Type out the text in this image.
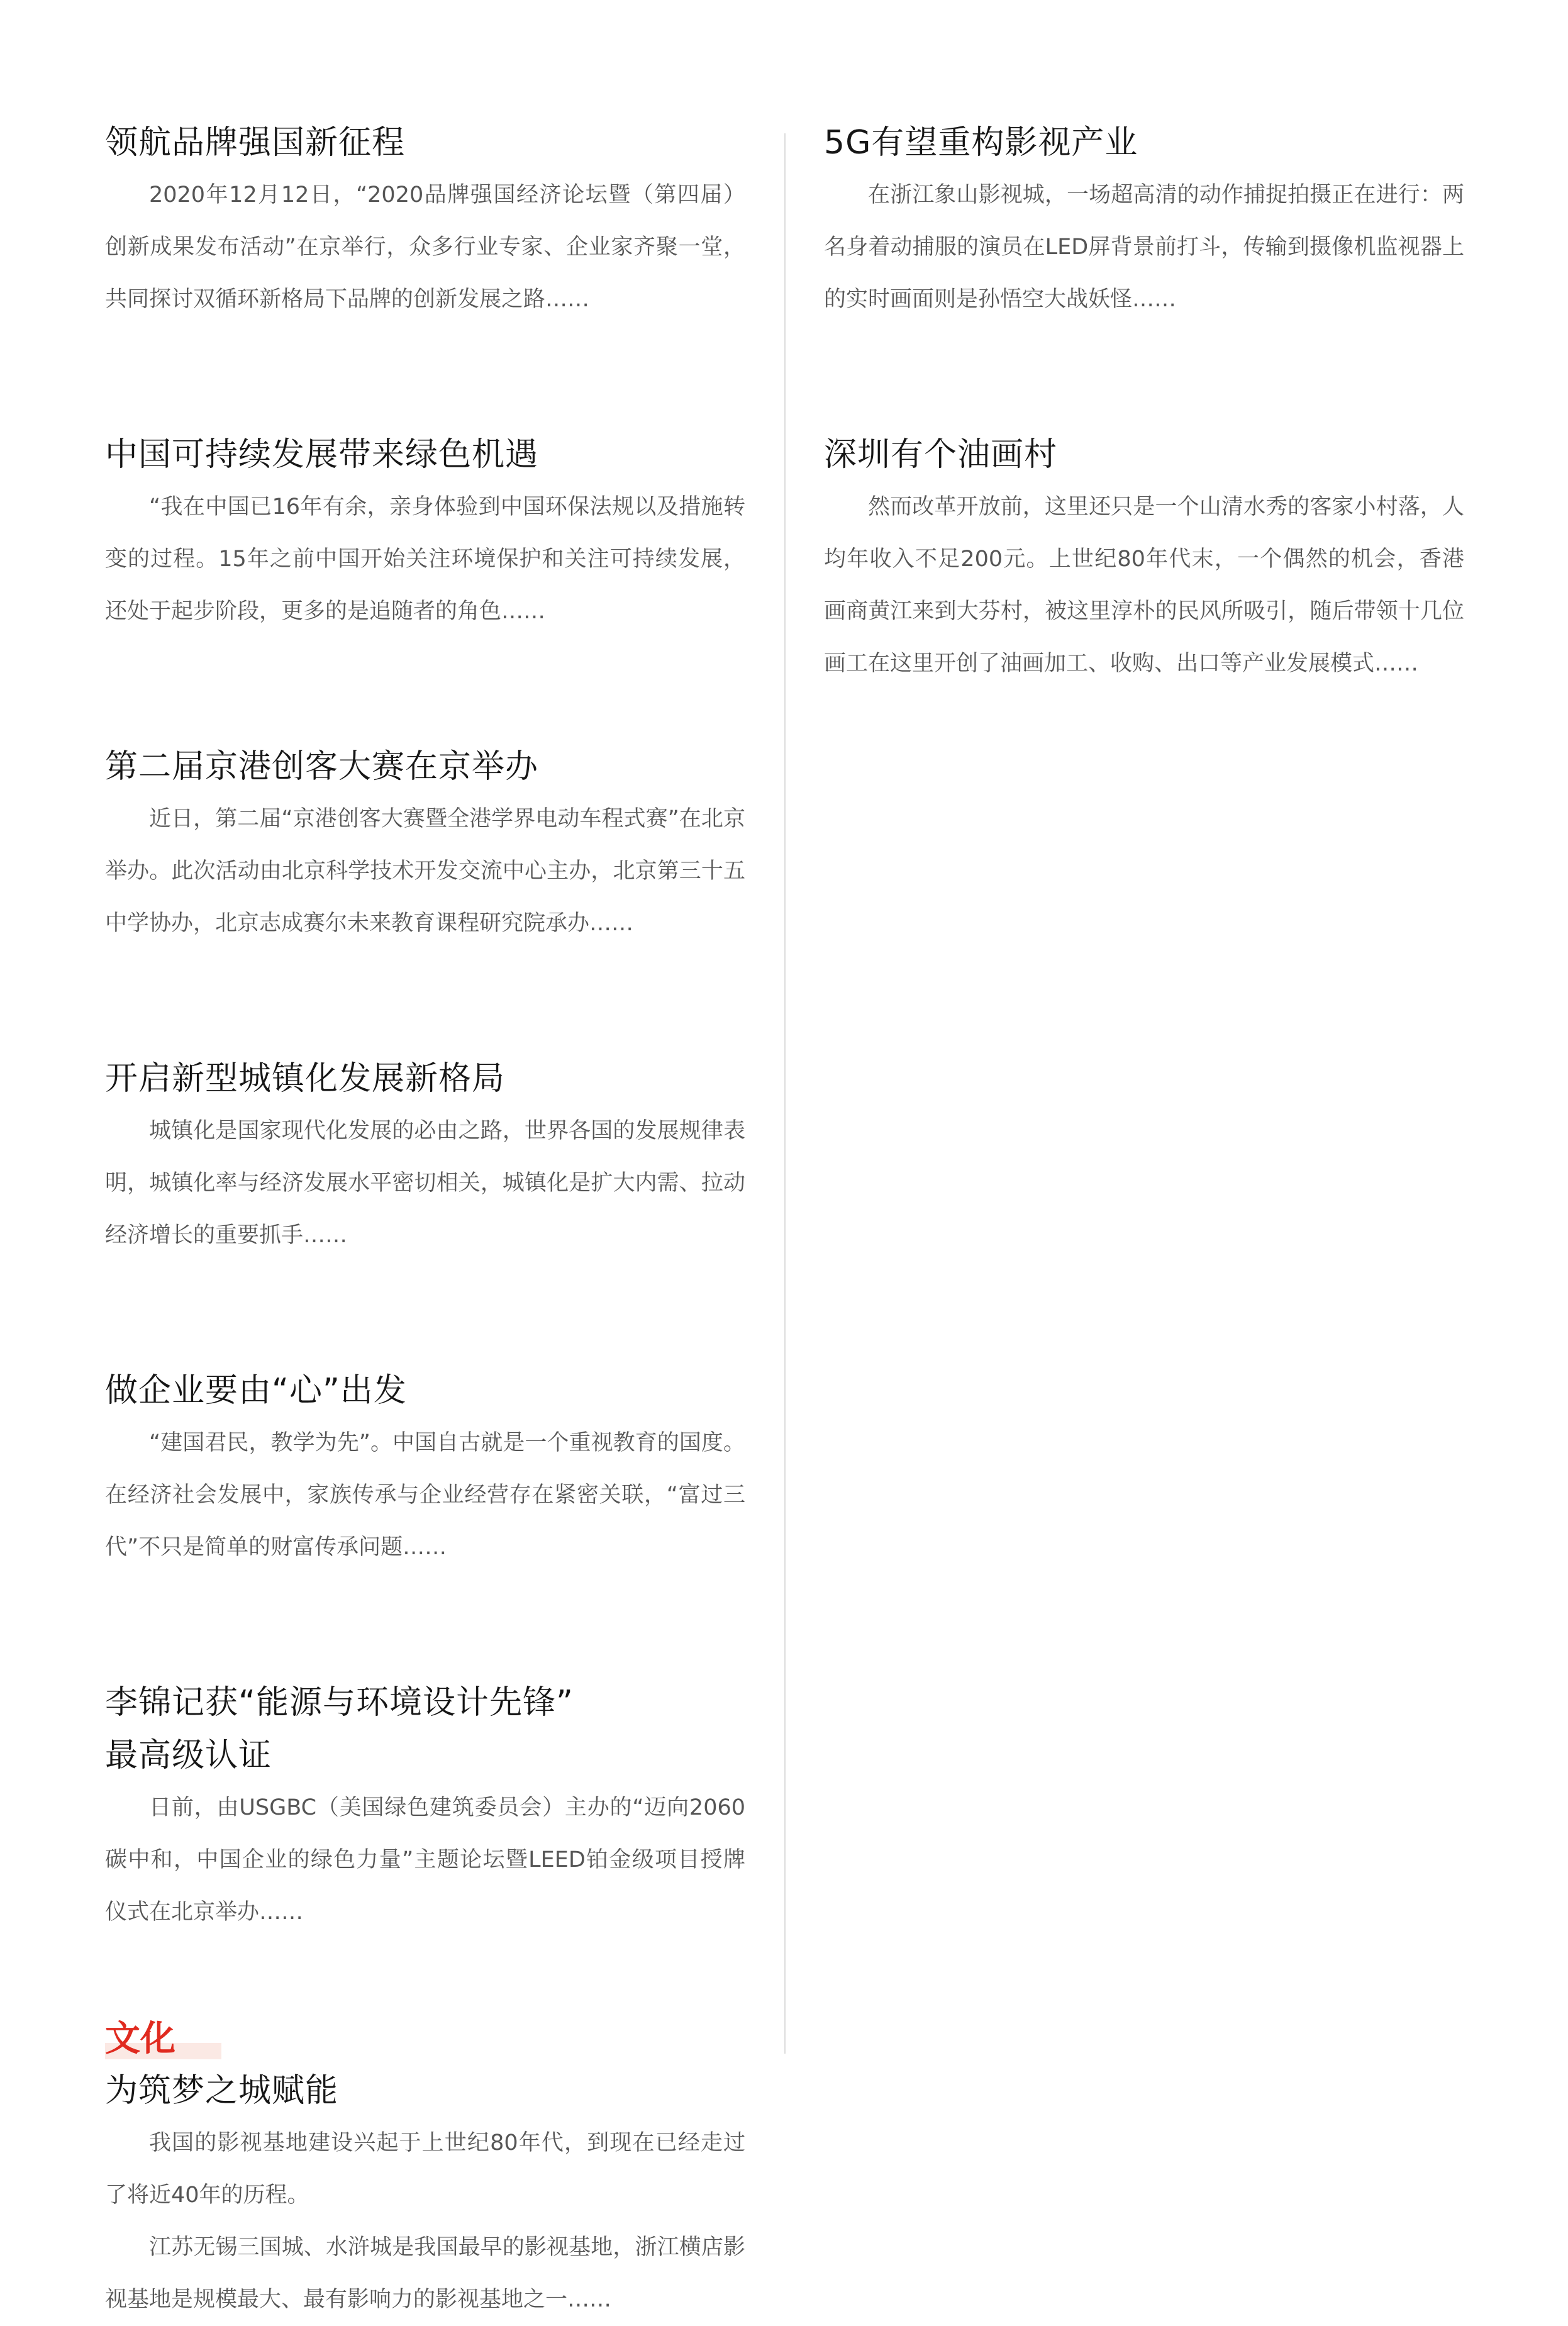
领航品牌强国新征程

2020年12月12日，“2020品牌强国经济论坛暨（第四届）创新成果发布活动”在京举行，众多行业专家、企业家齐聚一堂，共同探讨双循环新格局下品牌的创新发展之路……

中国可持续发展带来绿色机遇

“我在中国已16年有余，亲身体验到中国环保法规以及措施转变的过程。15年之前中国开始关注环境保护和关注可持续发展，还处于起步阶段，更多的是追随者的角色……

第二届京港创客大赛在京举办

近日，第二届“京港创客大赛暨全港学界电动车程式赛”在北京举办。此次活动由北京科学技术开发交流中心主办，北京第三十五中学协办，北京志成赛尔未来教育课程研究院承办……

开启新型城镇化发展新格局

城镇化是国家现代化发展的必由之路，世界各国的发展规律表明，城镇化率与经济发展水平密切相关，城镇化是扩大内需、拉动经济增长的重要抓手……

做企业要由“心”出发

“建国君民，教学为先”。中国自古就是一个重视教育的国度。在经济社会发展中，家族传承与企业经营存在紧密关联，“富过三代”不只是简单的财富传承问题……

李锦记获“能源与环境设计先锋”
最高级认证

日前，由USGBC（美国绿色建筑委员会）主办的“迈向2060碳中和，中国企业的绿色力量”主题论坛暨LEED铂金级项目授牌仪式在北京举办……

文化
为筑梦之城赋能

我国的影视基地建设兴起于上世纪80年代，到现在已经走过了将近40年的历程。

江苏无锡三国城、水浒城是我国最早的影视基地，浙江横店影视基地是规模最大、最有影响力的影视基地之一……

5G有望重构影视产业

在浙江象山影视城，一场超高清的动作捕捉拍摄正在进行：两名身着动捕服的演员在LED屏背景前打斗，传输到摄像机监视器上的实时画面则是孙悟空大战妖怪……

深圳有个油画村

然而改革开放前，这里还只是一个山清水秀的客家小村落，人均年收入不足200元。上世纪80年代末，一个偶然的机会，香港画商黄江来到大芬村，被这里淳朴的民风所吸引，随后带领十几位画工在这里开创了油画加工、收购、出口等产业发展模式……
